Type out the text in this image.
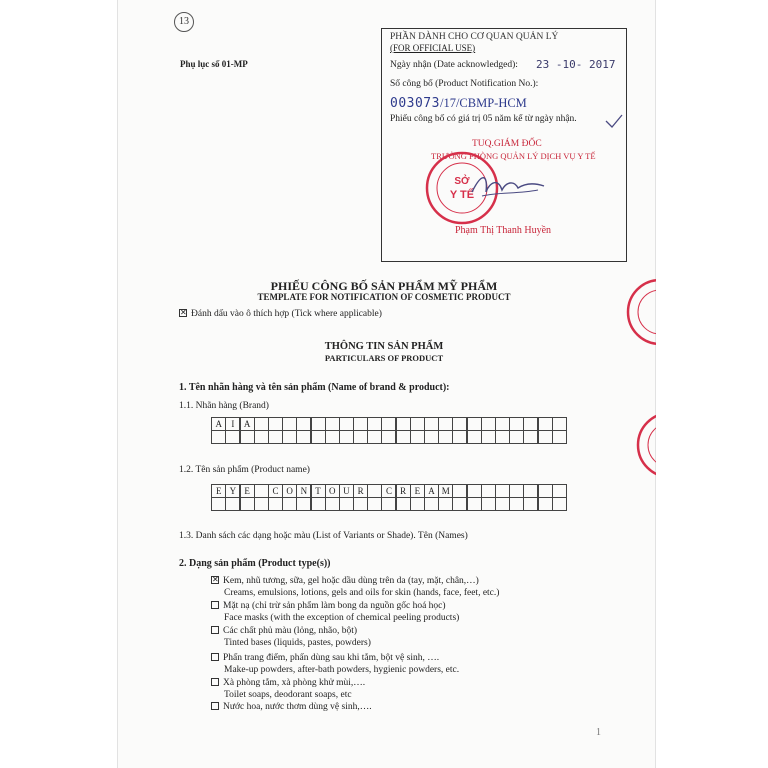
13
Phụ lục số 01-MP
PHẦN DÀNH CHO CƠ QUAN QUẢN LÝ
(FOR OFFICIAL USE)
Ngày nhận (Date acknowledged): 23 -10- 2017
Số công bố (Product Notification No.):
003073/17/CBMP-HCM
Phiếu công bố có giá trị 05 năm kể từ ngày nhận.
TUQ.GIÁM ĐỐC
TRƯỞNG PHÒNG QUẢN LÝ DỊCH VỤ Y TẾ
Phạm Thị Thanh Huyền
SỞ
Y TẾ
PHIẾU CÔNG BỐ SẢN PHẨM MỸ PHẨM
TEMPLATE FOR NOTIFICATION OF COSMETIC PRODUCT
✕ Đánh dấu vào ô thích hợp (Tick where applicable)
THÔNG TIN SẢN PHẨM
PARTICULARS OF PRODUCT
1. Tên nhãn hàng và tên sản phẩm (Name of brand & product):
1.1. Nhãn hàng (Brand)
A	I	A
1.2. Tên sản phẩm (Product name)
E Y E	C O N T O U R	C R E A M
1.3. Danh sách các dạng hoặc màu (List of Variants or Shade). Tên (Names)
2. Dạng sản phẩm (Product type(s))
✕ Kem, nhũ tương, sữa, gel hoặc dầu dùng trên da (tay, mặt, chân,…)
Creams, emulsions, lotions, gels and oils for skin (hands, face, feet, etc.)
Mặt nạ (chỉ trừ sản phẩm làm bong da nguồn gốc hoá học)
Face masks (with the exception of chemical peeling products)
Các chất phủ màu (lỏng, nhão, bột)
Tinted bases (liquids, pastes, powders)
Phấn trang điểm, phấn dùng sau khi tắm, bột vệ sinh, ….
Make-up powders, after-bath powders, hygienic powders, etc.
Xà phòng tắm, xà phòng khử mùi,….
Toilet soaps, deodorant soaps, etc
Nước hoa, nước thơm dùng vệ sinh,….
1
